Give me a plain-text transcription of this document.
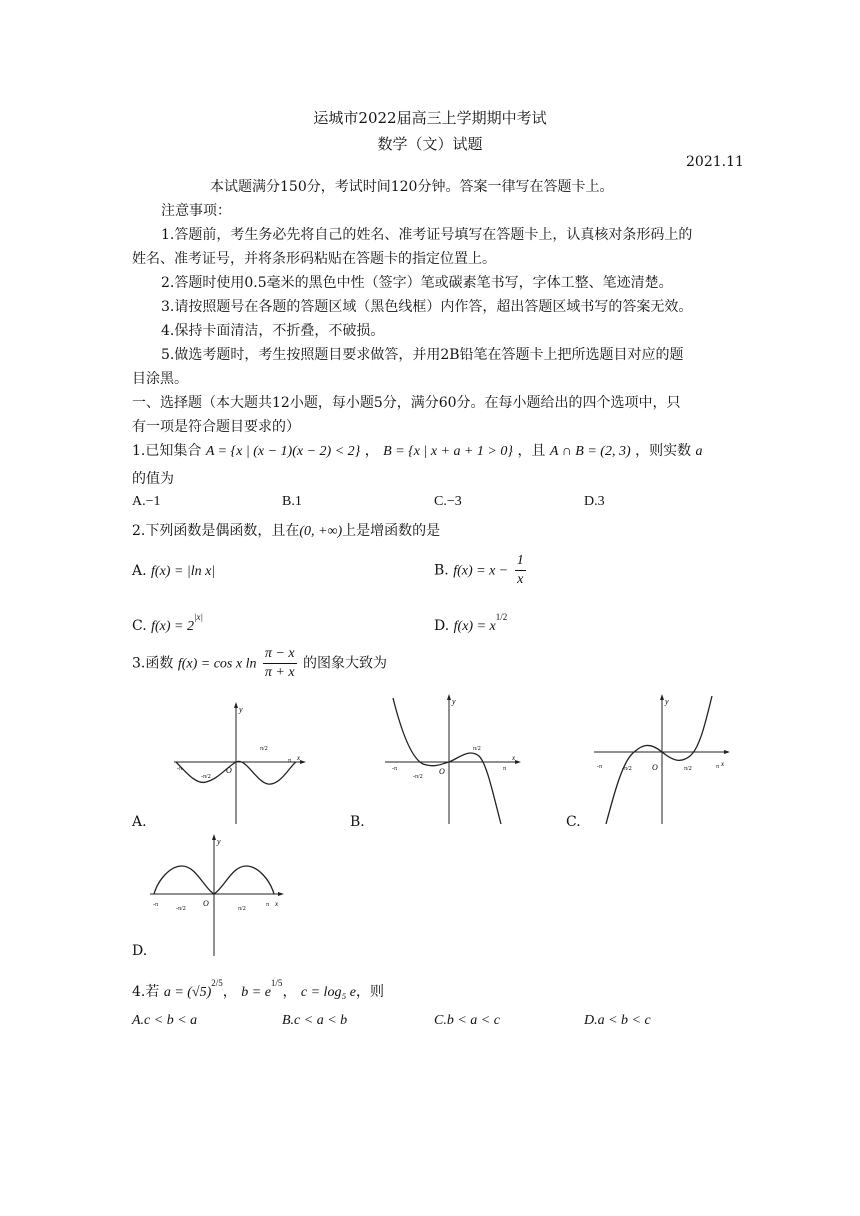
运城市2022届高三上学期期中考试
数学（文）试题
2021.11
本试题满分150分，考试时间120分钟。答案一律写在答题卡上。
注意事项：
1.答题前，考生务必先将自己的姓名、准考证号填写在答题卡上，认真核对条形码上的
姓名、准考证号，并将条形码粘贴在答题卡的指定位置上。
2.答题时使用0.5毫米的黑色中性（签字）笔或碳素笔书写，字体工整、笔迹清楚。
3.请按照题号在各题的答题区域（黑色线框）内作答，超出答题区域书写的答案无效。
4.保持卡面清洁，不折叠，不破损。
5.做选考题时，考生按照题目要求做答，并用2B铅笔在答题卡上把所选题目对应的题
目涂黑。
一、选择题（本大题共12小题，每小题5分，满分60分。在每小题给出的四个选项中，只
有一项是符合题目要求的）
1.已知集合 A = {x | (x − 1)(x − 2) < 2} ， B = {x | x + a + 1 > 0} ，且 A ∩ B = (2, 3) ，则实数 a
的值为
A.−1	B.1	C.−3	D.3
2.下列函数是偶函数，且在(0, +∞)上是增函数的是
A. f(x) = |ln x|	B. $f(x) = x - \frac{1}{x}$
C. $f(x) = 2^{|x|}$
D. $f(x) = x^{1/2}$
3.函数 f(x) = cos x $\ln \frac{\pi - x}{\pi + x}$ 的图象大致为
y
x
O
-π
π
-π/2
π/2
y
x
O
-π	π
-π/2
π/2
y
x
O
-π	π
-π/2	π/2
y
x
O
-π	π
-π/2	π/2
A.	B.	C.
D.
4.若 $a = (√5)^{2/5}$， $b = e^{1/5}$， c = log₅ e，则
A.c < b < a	B.c < a < b	C.b < a < c	D.a < b < c
